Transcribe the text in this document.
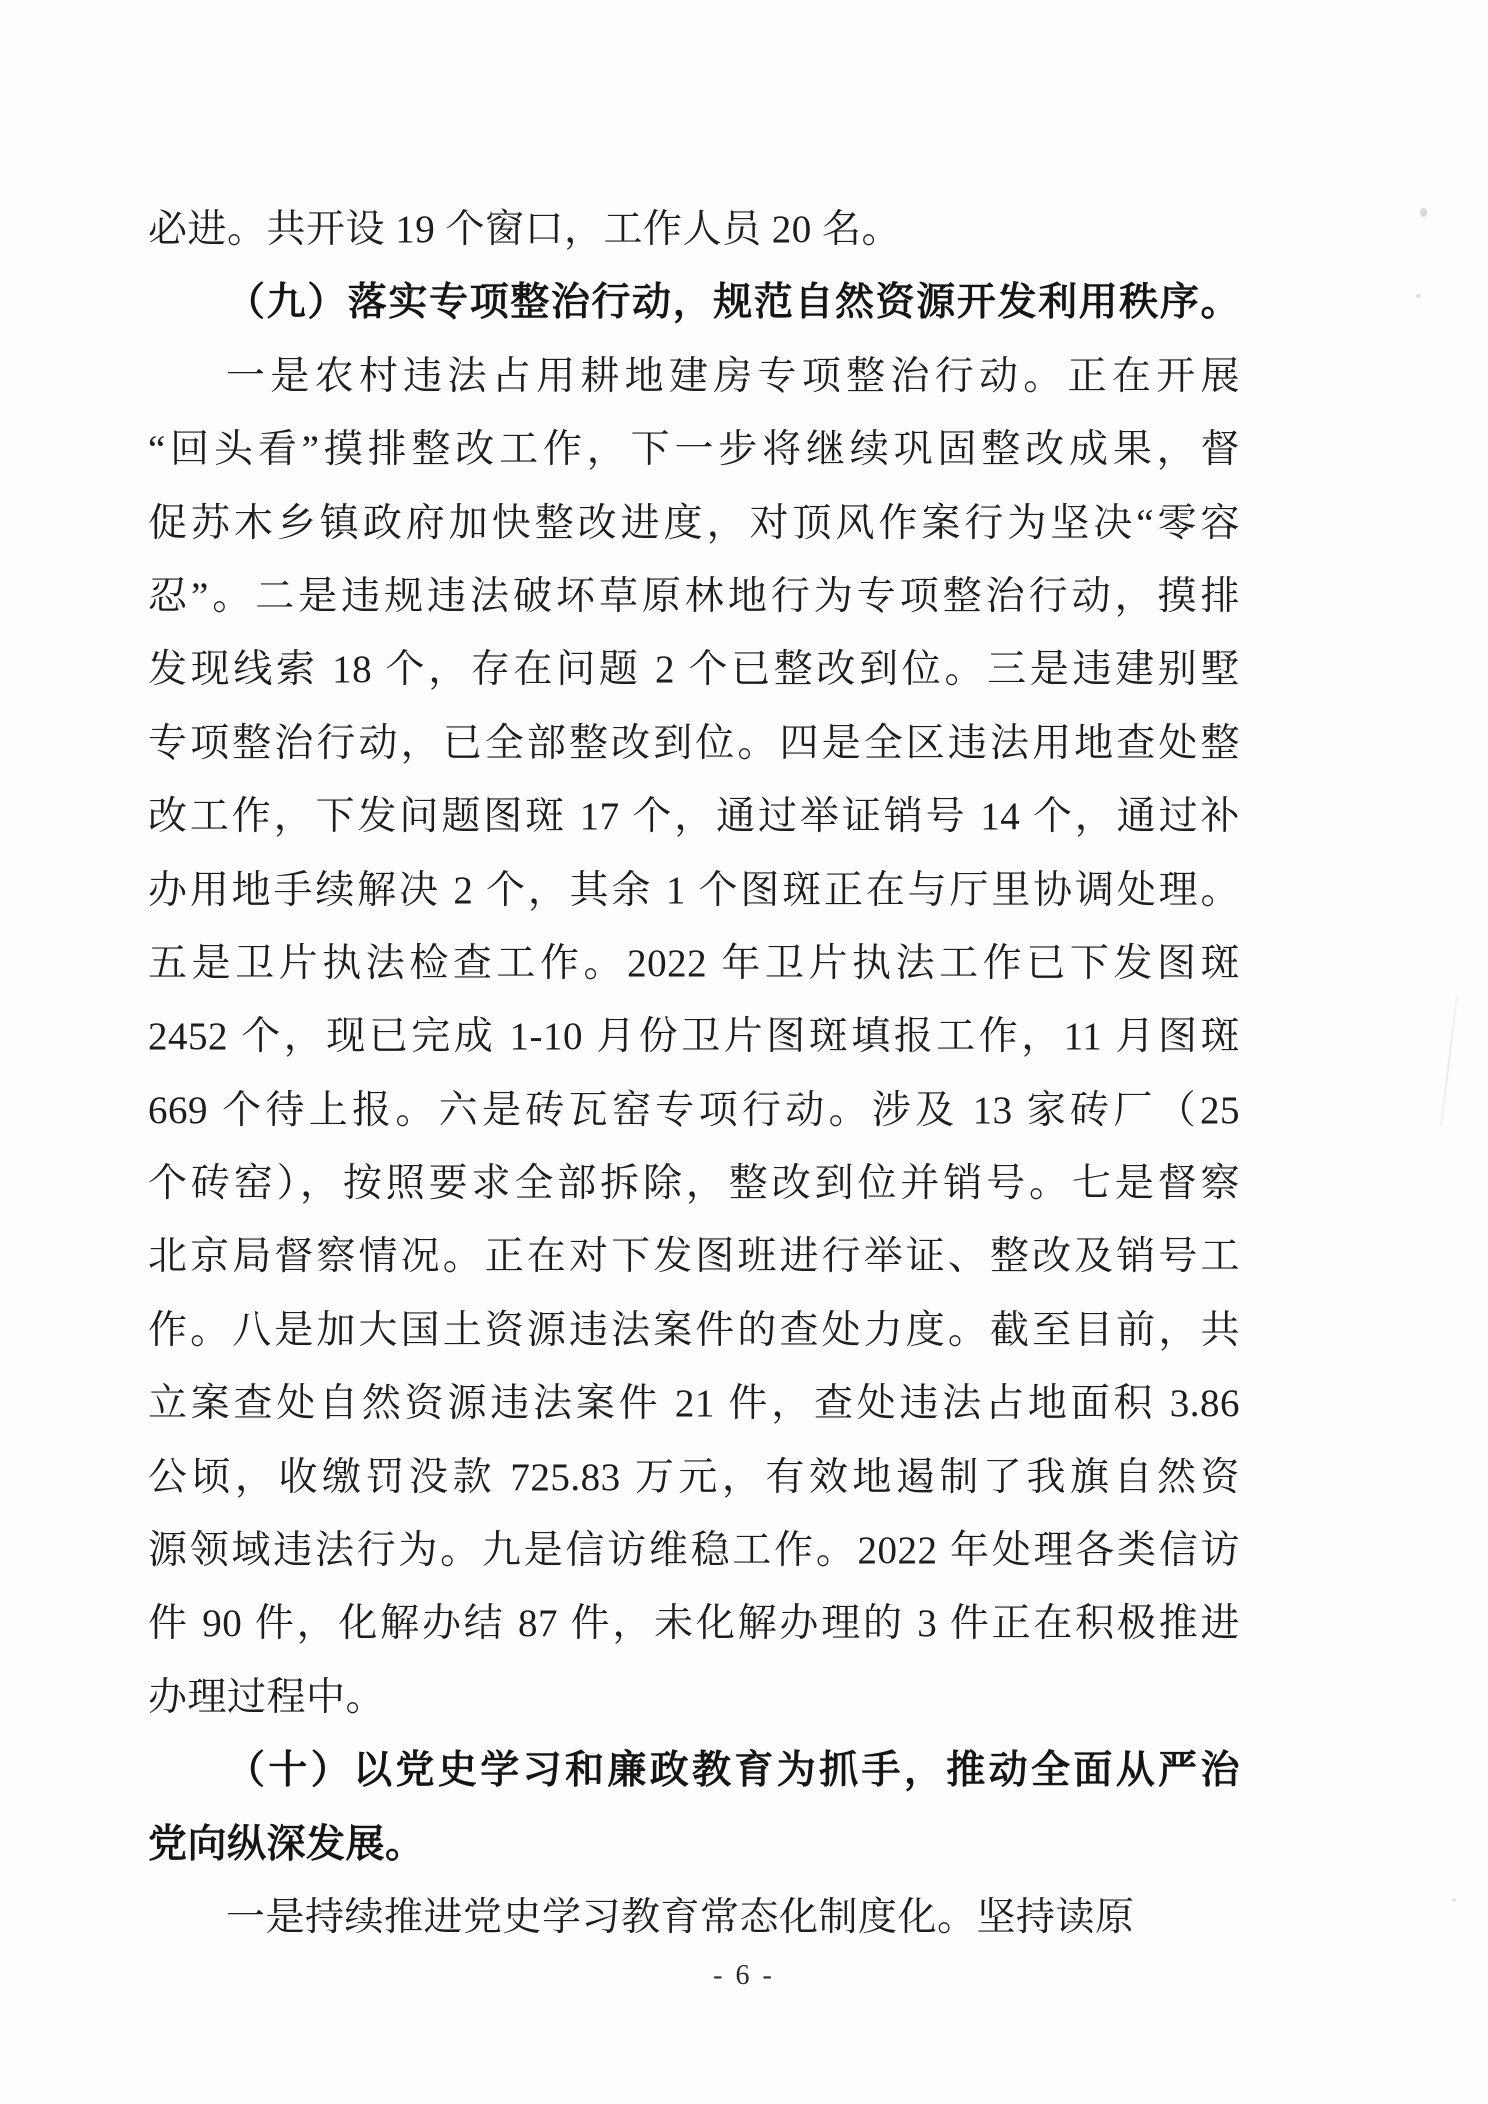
必进。共开设 19 个窗口，工作人员 20 名。
（九）落实专项整治行动，规范自然资源开发利用秩序。
一是农村违法占用耕地建房专项整治行动。正在开展
“回头看”摸排整改工作，下一步将继续巩固整改成果，督
促苏木乡镇政府加快整改进度，对顶风作案行为坚决“零容
忍”。二是违规违法破坏草原林地行为专项整治行动，摸排
发现线索 18 个，存在问题 2 个已整改到位。三是违建别墅
专项整治行动，已全部整改到位。四是全区违法用地查处整
改工作，下发问题图斑 17 个，通过举证销号 14 个，通过补
办用地手续解决 2 个，其余 1 个图斑正在与厅里协调处理。
五是卫片执法检查工作。2022 年卫片执法工作已下发图斑
2452 个，现已完成 1-10 月份卫片图斑填报工作，11 月图斑
669 个待上报。六是砖瓦窑专项行动。涉及 13 家砖厂（25
个砖窑），按照要求全部拆除，整改到位并销号。七是督察
北京局督察情况。正在对下发图班进行举证、整改及销号工
作。八是加大国土资源违法案件的查处力度。截至目前，共
立案查处自然资源违法案件 21 件，查处违法占地面积 3.86
公顷，收缴罚没款 725.83 万元，有效地遏制了我旗自然资
源领域违法行为。九是信访维稳工作。2022 年处理各类信访
件 90 件，化解办结 87 件，未化解办理的 3 件正在积极推进
办理过程中。
（十）以党史学习和廉政教育为抓手，推动全面从严治
党向纵深发展。
一是持续推进党史学习教育常态化制度化。坚持读原
- 6 -
